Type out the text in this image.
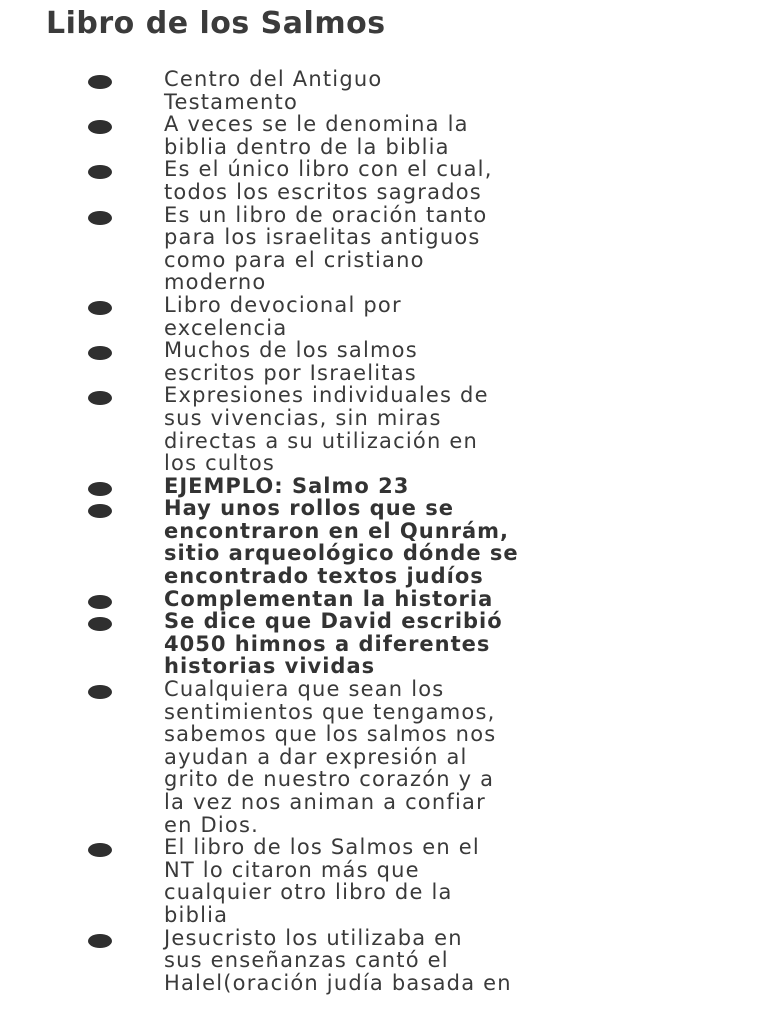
Libro de los Salmos
Centro del Antiguo
Testamento
A veces se le denomina la
biblia dentro de la biblia
Es el único libro con el cual,
todos los escritos sagrados
Es un libro de oración tanto
para los israelitas antiguos
como para el cristiano
moderno
Libro devocional por
excelencia
Muchos de los salmos
escritos por Israelitas
Expresiones individuales de
sus vivencias, sin miras
directas a su utilización en
los cultos
EJEMPLO: Salmo 23
Hay unos rollos que se
encontraron en el Qunrám,
sitio arqueológico dónde se
encontrado textos judíos
Complementan la historia
Se dice que David escribió
4050 himnos a diferentes
historias vividas
Cualquiera que sean los
sentimientos que tengamos,
sabemos que los salmos nos
ayudan a dar expresión al
grito de nuestro corazón y a
la vez nos animan a confiar
en Dios.
El libro de los Salmos en el
NT lo citaron más que
cualquier otro libro de la
biblia
Jesucristo los utilizaba en
sus enseñanzas cantó el
Halel(oración judía basada en
